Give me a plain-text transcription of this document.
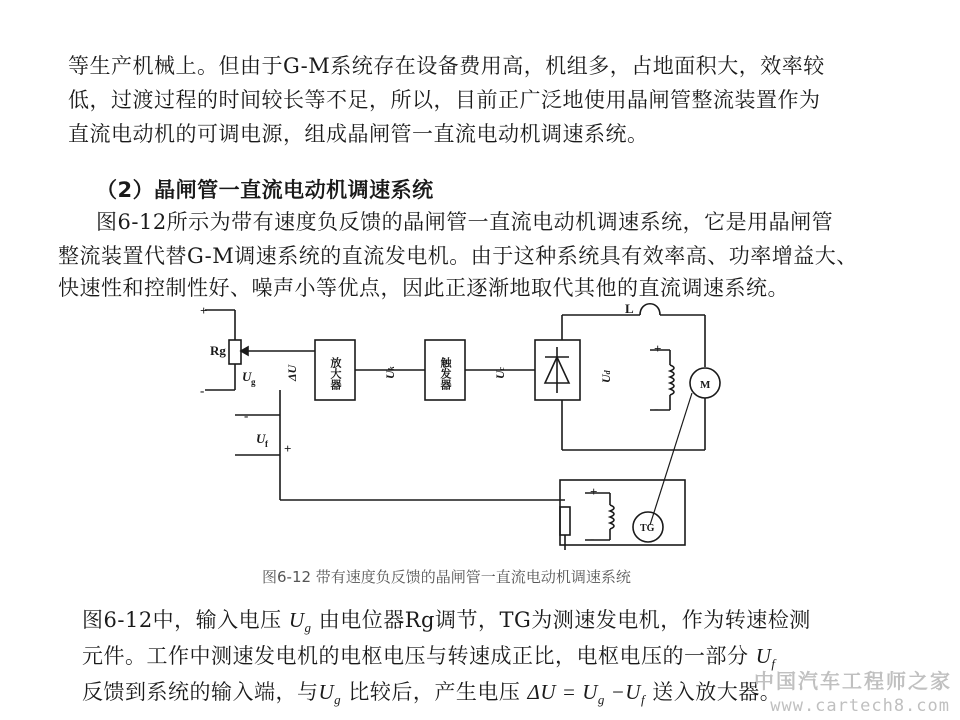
等生产机械上。但由于G-M系统存在设备费用高，机组多，占地面积大，效率较
低，过渡过程的时间较长等不足，所以，目前正广泛地使用晶闸管整流装置作为
直流电动机的可调电源，组成晶闸管一直流电动机调速系统。
（2）晶闸管一直流电动机调速系统
图6-12所示为带有速度负反馈的晶闸管一直流电动机调速系统，它是用晶闸管
整流装置代替G-M调速系统的直流发电机。由于这种系统具有效率高、功率增益大、
快速性和控制性好、噪声小等优点，因此正逐渐地取代其他的直流调速系统。
Rg
U g
+
-
-
+
U f
ΔU	Uk
Uc
Ud
放大器	触发器
L
M
TG
+
-
+
-
图6-12 带有速度负反馈的晶闸管一直流电动机调速系统
图6-12中，输入电压 $U_g$ 由电位器Rg调节，TG为测速发电机，作为转速检测
元件。工作中测速发电机的电枢电压与转速成正比，电枢电压的一部分 $U_f$
反馈到系统的输入端，与$U_g$ 比较后，产生电压 $\Delta U = U_g -U_f$ 送入放大器。
中国汽车工程师之家
www.cartech8.com
